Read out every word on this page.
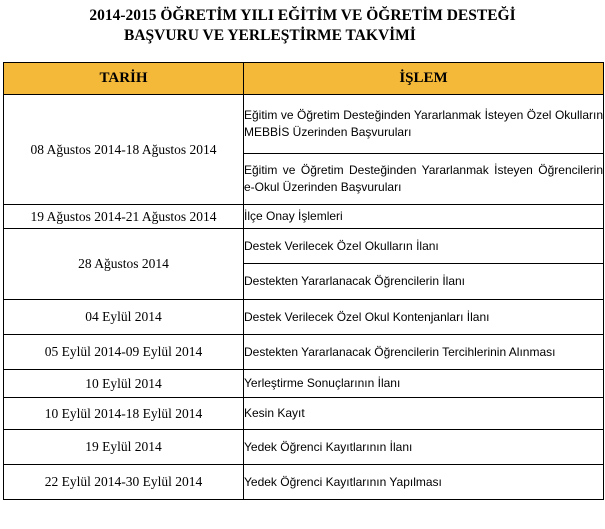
2014-2015 ÖĞRETİM YILI EĞİTİM VE ÖĞRETİM DESTEĞİ
BAŞVURU VE YERLEŞTİRME TAKVİMİ
TARİH	İŞLEM
08 Ağustos 2014-18 Ağustos 2014	Eğitim ve Öğretim Desteğinden Yararlanmak İsteyen Özel Okulların MEBBİS Üzerinden Başvuruları

	Eğitim ve Öğretim Desteğinden Yararlanmak İsteyen Öğrencilerin e-Okul Üzerinden Başvuruları

19 Ağustos 2014-21 Ağustos 2014	İlçe Onay İşlemleri

28 Ağustos 2014	Destek Verilecek Özel Okulların İlanı

	Destekten Yararlanacak Öğrencilerin İlanı

04 Eylül 2014	Destek Verilecek Özel Okul Kontenjanları İlanı

05 Eylül 2014-09 Eylül 2014	Destekten Yararlanacak Öğrencilerin Tercihlerinin Alınması

10 Eylül 2014	Yerleştirme Sonuçlarının İlanı

10 Eylül 2014-18 Eylül 2014	Kesin Kayıt

19 Eylül 2014	Yedek Öğrenci Kayıtlarının İlanı

22 Eylül 2014-30 Eylül 2014	Yedek Öğrenci Kayıtlarının Yapılması
